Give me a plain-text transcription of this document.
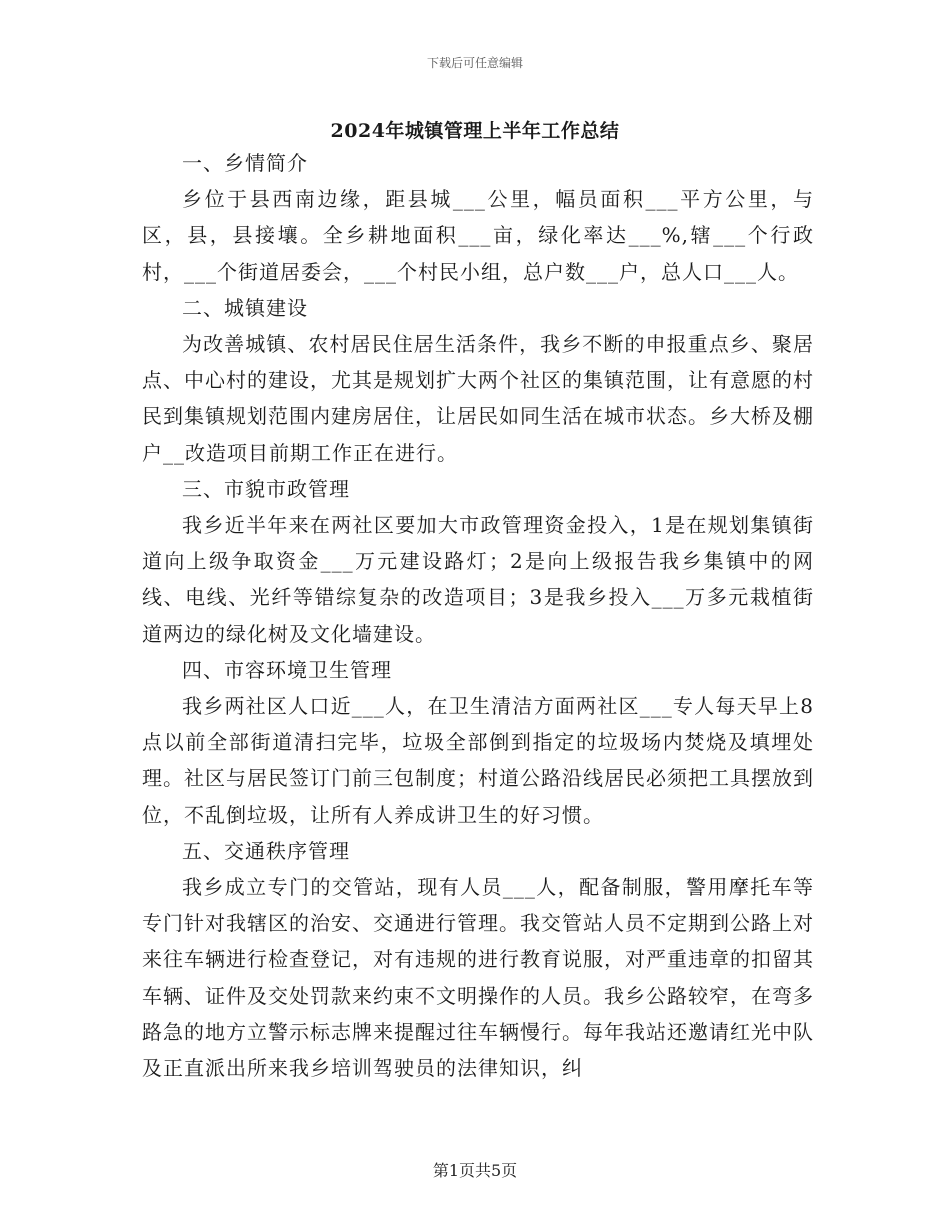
下载后可任意编辑
2024年城镇管理上半年工作总结

一、乡情简介

乡位于县西南边缘，距县城___公里，幅员面积___平方公里，与区，县，县接壤。全乡耕地面积___亩，绿化率达___%,辖___个行政村，___个街道居委会，___个村民小组，总户数___户，总人口___人。

二、城镇建设

为改善城镇、农村居民住居生活条件，我乡不断的申报重点乡、聚居点、中心村的建设，尤其是规划扩大两个社区的集镇范围，让有意愿的村民到集镇规划范围内建房居住，让居民如同生活在城市状态。乡大桥及棚户__改造项目前期工作正在进行。

三、市貌市政管理

我乡近半年来在两社区要加大市政管理资金投入，1是在规划集镇街道向上级争取资金___万元建设路灯；2是向上级报告我乡集镇中的网线、电线、光纤等错综复杂的改造项目；3是我乡投入___万多元栽植街道两边的绿化树及文化墙建设。

四、市容环境卫生管理

我乡两社区人口近___人，在卫生清洁方面两社区___专人每天早上8点以前全部街道清扫完毕，垃圾全部倒到指定的垃圾场内焚烧及填埋处理。社区与居民签订门前三包制度；村道公路沿线居民必须把工具摆放到位，不乱倒垃圾，让所有人养成讲卫生的好习惯。

五、交通秩序管理

我乡成立专门的交管站，现有人员___人，配备制服，警用摩托车等专门针对我辖区的治安、交通进行管理。我交管站人员不定期到公路上对来往车辆进行检查登记，对有违规的进行教育说服，对严重违章的扣留其车辆、证件及交处罚款来约束不文明操作的人员。我乡公路较窄，在弯多路急的地方立警示标志牌来提醒过往车辆慢行。每年我站还邀请红光中队及正直派出所来我乡培训驾驶员的法律知识，纠

第1页共5页
